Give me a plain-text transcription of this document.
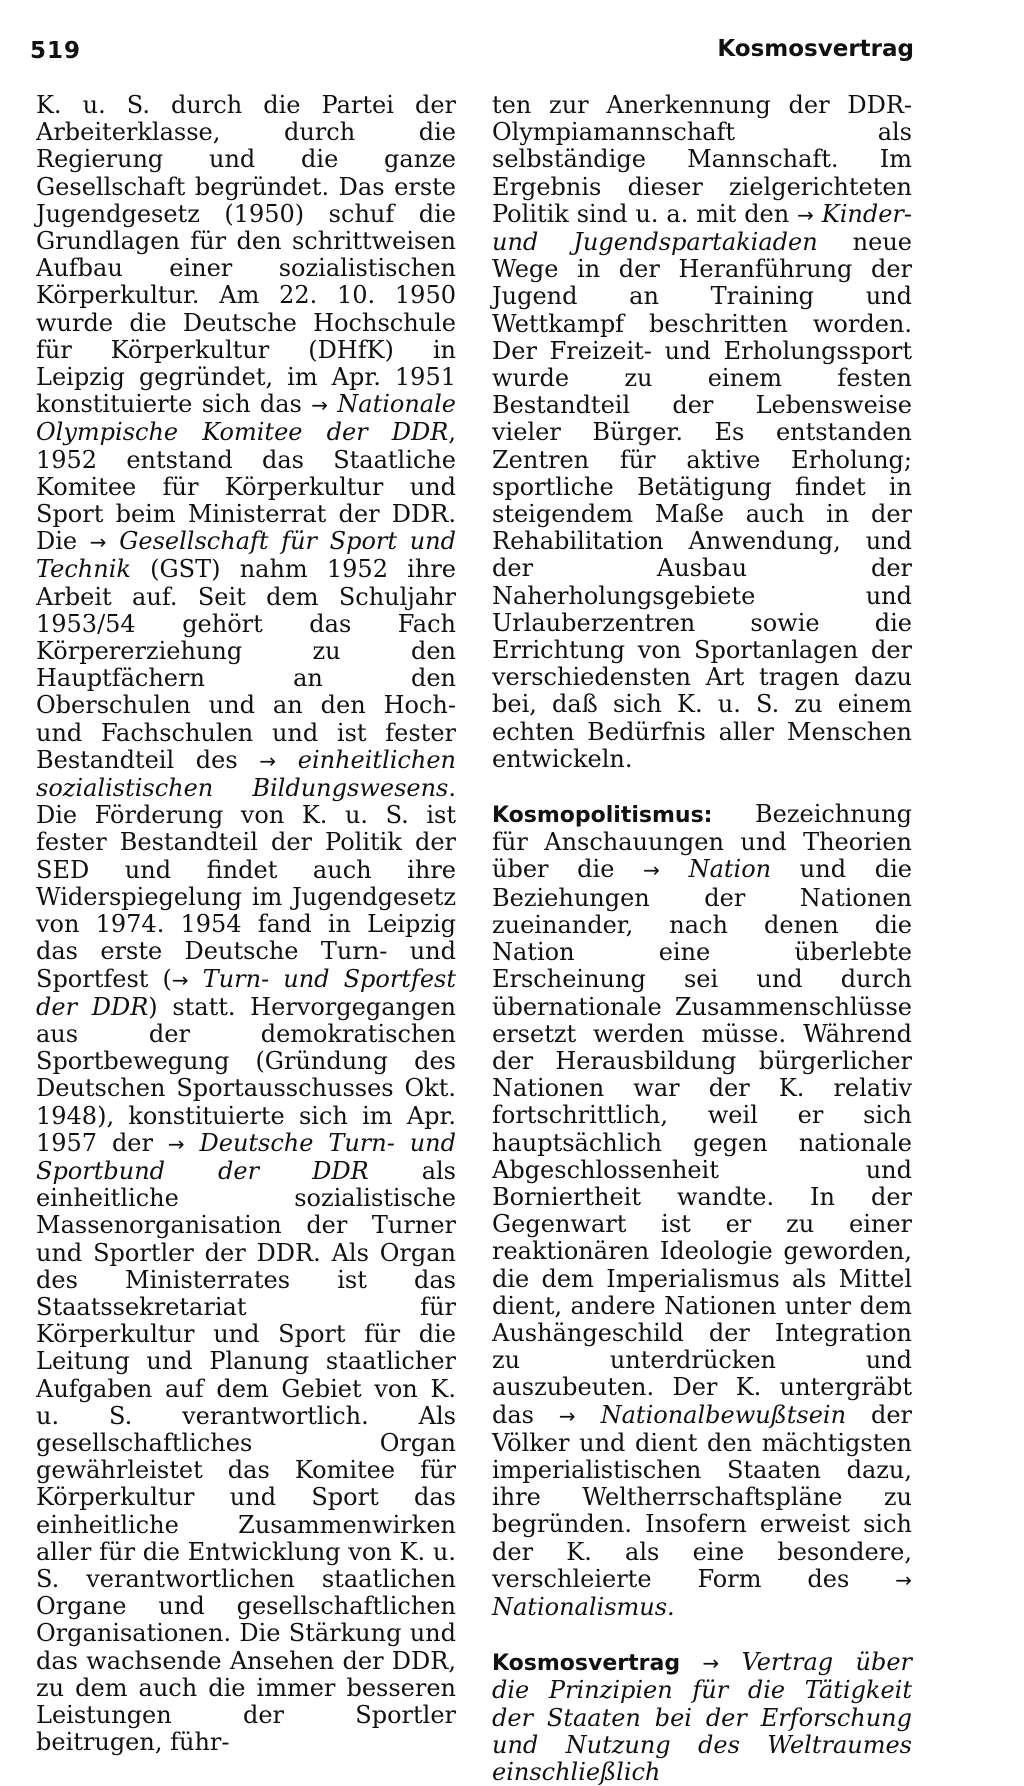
519	Kosmosvertrag

K. u. S. durch die Partei der Arbeiterklasse, durch die Regierung und die ganze Gesellschaft begründet. Das erste Jugendgesetz (1950) schuf die Grundlagen für den schrittweisen Aufbau einer sozialistischen Körperkultur. Am 22. 10. 1950 wurde die Deutsche Hochschule für Körperkultur (DHfK) in Leipzig gegründet, im Apr. 1951 konstituierte sich das → Nationale Olympische Komitee der DDR, 1952 entstand das Staatliche Komitee für Körperkultur und Sport beim Ministerrat der DDR. Die → Gesellschaft für Sport und Technik (GST) nahm 1952 ihre Arbeit auf. Seit dem Schuljahr 1953/54 gehört das Fach Körpererziehung zu den Hauptfächern an den Oberschulen und an den Hoch- und Fachschulen und ist fester Bestandteil des → einheitlichen sozialistischen Bildungswesens. Die Förderung von K. u. S. ist fester Bestandteil der Politik der SED und findet auch ihre Widerspiegelung im Jugendgesetz von 1974. 1954 fand in Leipzig das erste Deutsche Turn- und Sportfest (→ Turn- und Sportfest der DDR) statt. Hervorgegangen aus der demokratischen Sportbewegung (Gründung des Deutschen Sportausschusses Okt. 1948), konstituierte sich im Apr. 1957 der → Deutsche Turn- und Sportbund der DDR als einheitliche sozialistische Massenorganisation der Turner und Sportler der DDR. Als Organ des Ministerrates ist das Staatssekretariat für Körperkultur und Sport für die Leitung und Planung staatlicher Aufgaben auf dem Gebiet von K. u. S. verantwortlich. Als gesellschaftliches Organ gewährleistet das Komitee für Körperkultur und Sport das einheitliche Zusammenwirken aller für die Entwicklung von K. u. S. verantwortlichen staatlichen Organe und gesellschaftlichen Organisationen. Die Stärkung und das wachsende Ansehen der DDR, zu dem auch die immer besseren Leistungen der Sportler beitrugen, führ-

ten zur Anerkennung der DDR-Olympiamannschaft als selbständige Mannschaft. Im Ergebnis dieser zielgerichteten Politik sind u. a. mit den → Kinder- und Jugendspartakiaden neue Wege in der Heranführung der Jugend an Training und Wettkampf beschritten worden. Der Freizeit- und Erholungssport wurde zu einem festen Bestandteil der Lebensweise vieler Bürger. Es entstanden Zentren für aktive Erholung; sportliche Betätigung findet in steigendem Maße auch in der Rehabilitation Anwendung, und der Ausbau der Naherholungsgebiete und Urlauberzentren sowie die Errichtung von Sportanlagen der verschiedensten Art tragen dazu bei, daß sich K. u. S. zu einem echten Bedürfnis aller Menschen entwickeln.

Kosmopolitismus: Bezeichnung für Anschauungen und Theorien über die → Nation und die Beziehungen der Nationen zueinander, nach denen die Nation eine überlebte Erscheinung sei und durch übernationale Zusammenschlüsse ersetzt werden müsse. Während der Herausbildung bürgerlicher Nationen war der K. relativ fortschrittlich, weil er sich hauptsächlich gegen nationale Abgeschlossenheit und Borniertheit wandte. In der Gegenwart ist er zu einer reaktionären Ideologie geworden, die dem Imperialismus als Mittel dient, andere Nationen unter dem Aushängeschild der Integration zu unterdrücken und auszubeuten. Der K. untergräbt das → Nationalbewußtsein der Völker und dient den mächtigsten imperialistischen Staaten dazu, ihre Weltherrschaftspläne zu begründen. Insofern erweist sich der K. als eine besondere, verschleierte Form des → Nationalismus.

Kosmosvertrag → Vertrag über die Prinzipien für die Tätigkeit der Staaten bei der Erforschung und Nutzung des Weltraumes einschließlich
